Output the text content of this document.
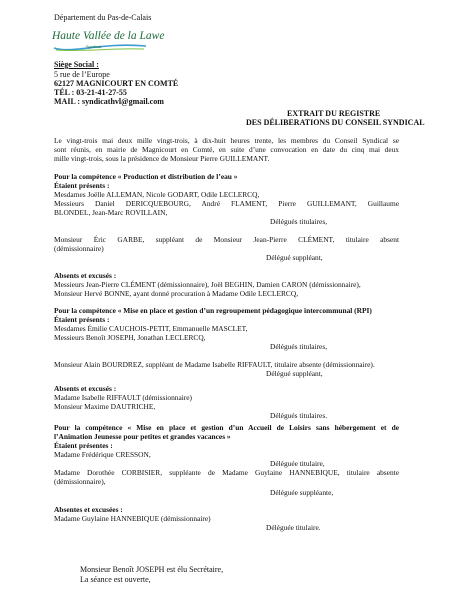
Département du Pas-de-Calais
Haute Vallée de la Lawe
Syndicat
Siège Social :
5 rue de l’Europe
62127 MAGNICOURT EN COMTÉ
TÉL : 03-21-41-27-55
MAIL : syndicathvl@gmail.com
EXTRAIT DU REGISTRE
DES DÉLIBERATIONS DU CONSEIL SYNDICAL
Le vingt-trois mai deux mille vingt-trois, à dix-huit heures trente, les membres du Conseil Syndical se
sont réunis, en mairie de Magnicourt en Comté, en suite d’une convocation en date du cinq mai deux
mille vingt-trois, sous la présidence de Monsieur Pierre GUILLEMANT.
Pour la compétence « Production et distribution de l’eau »
Étaient présents :
Mesdames Joëlle ALLEMAN, Nicole GODART, Odile LECLERCQ,
Messieurs Daniel DERICQUEBOURG, André FLAMENT, Pierre GUILLEMANT, Guillaume
BLONDEL, Jean-Marc ROVILLAIN,
Délégués titulaires,
Monsieur Éric GARBE, suppléant de Monsieur Jean-Pierre CLÉMENT, titulaire absent
(démissionnaire)
Délégué suppléant,
Absents et excusés :
Messieurs Jean-Pierre CLÉMENT (démissionnaire), Joël BEGHIN, Damien CARON (démissionnaire),
Monsieur Hervé BONNE, ayant donné procuration à Madame Odile LECLERCQ,
Pour la compétence « Mise en place et gestion d’un regroupement pédagogique intercommunal (RPI)
Étaient présents :
Mesdames Émilie CAUCHOIS-PETIT, Emmanuelle MASCLET,
Messieurs Benoît JOSEPH, Jonathan LECLERCQ,
Délégués titulaires,
Monsieur Alain BOURDREZ, suppléant de Madame Isabelle RIFFAULT, titulaire absente (démissionnaire).
Délégué suppléant,
Absents et excusés :
Madame Isabelle RIFFAULT (démissionnaire)
Monsieur Maxime DAUTRICHE,
Délégués titulaires.
Pour la compétence « Mise en place et gestion d’un Accueil de Loisirs sans hébergement et de
l’Animation Jeunesse pour petites et grandes vacances »
Étaient présentes :
Madame Frédérique CRESSON,
Déléguée titulaire,
Madame Dorothée CORBISIER, suppléante de Madame Guylaine HANNEBIQUE, titulaire absente
(démissionnaire),
Déléguée suppléante,
Absentes et excusées :
Madame Guylaine HANNEBIQUE (démissionnaire)
Déléguée titulaire.
Monsieur Benoît JOSEPH est élu Secrétaire,
La séance est ouverte,
